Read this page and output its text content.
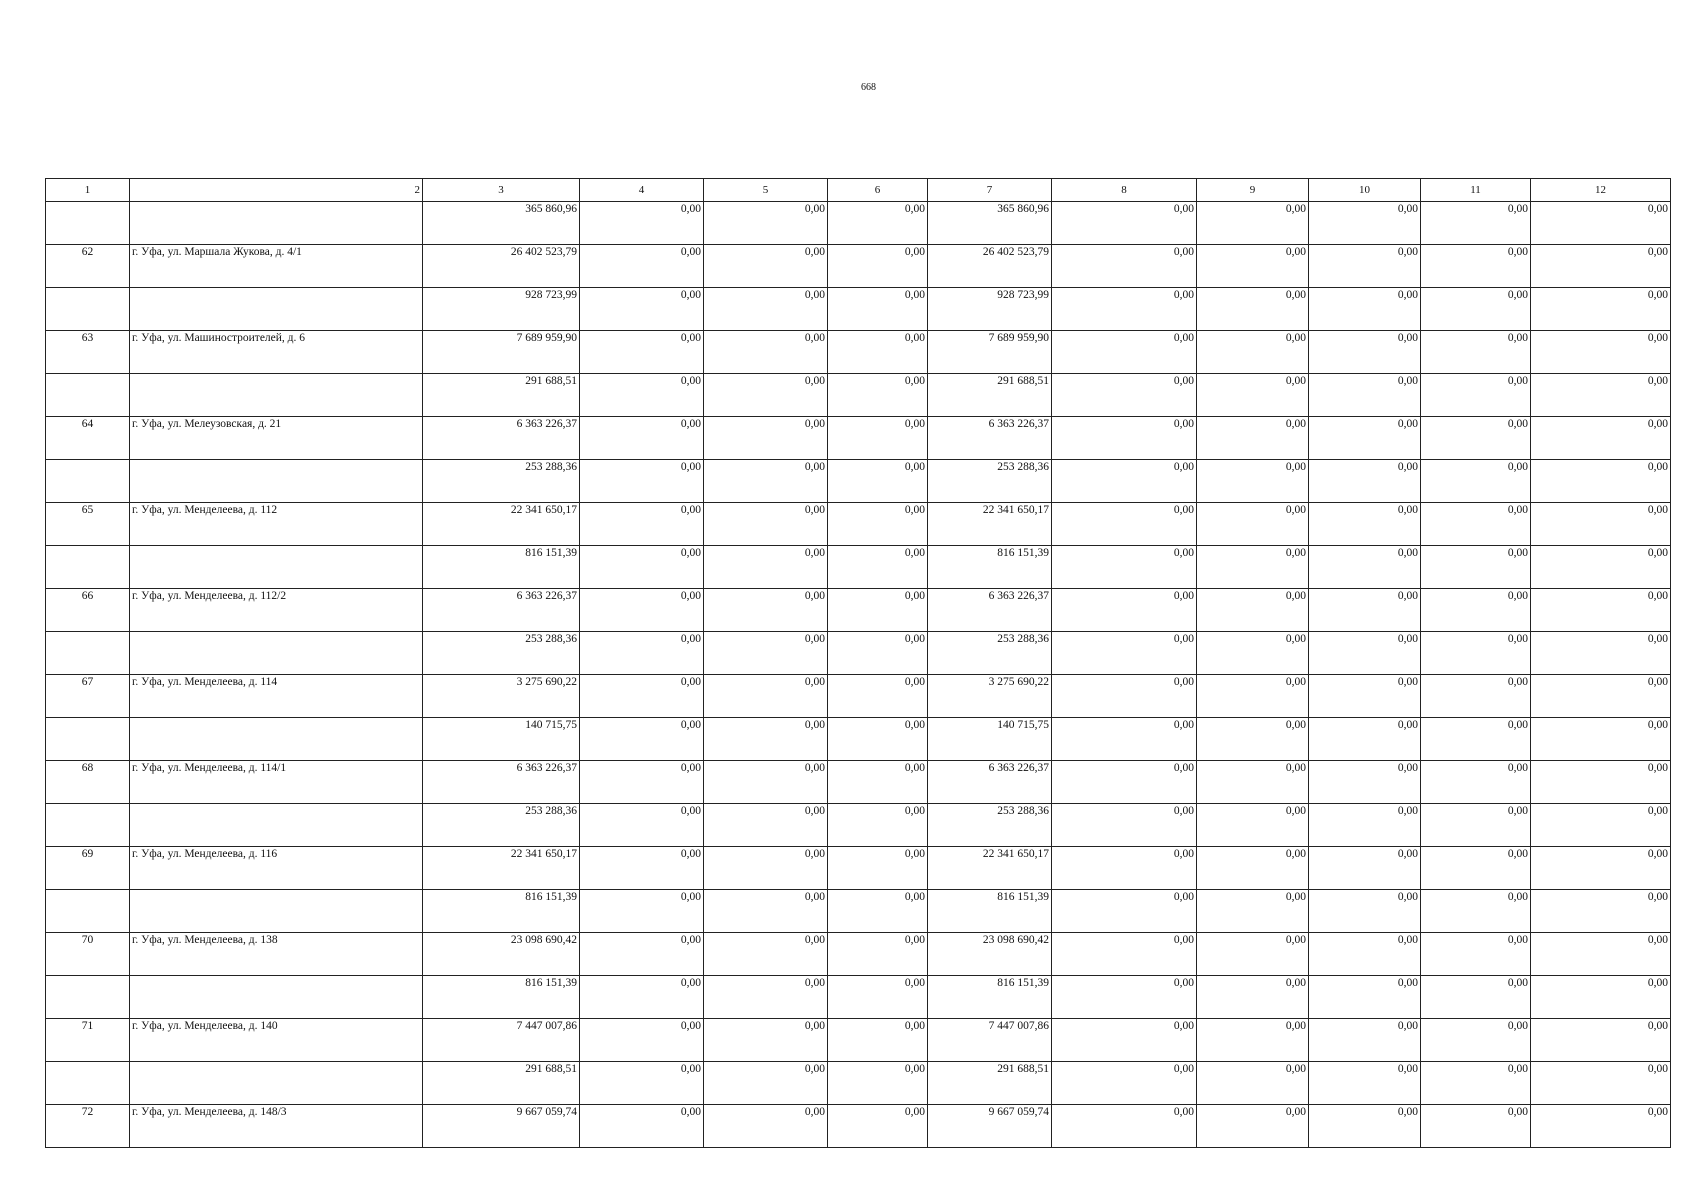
668
1	2	3	4	5	6	7	8	9	10	11	12
		365 860,96	0,00	0,00	0,00	365 860,96	0,00	0,00	0,00	0,00	0,00
62	г. Уфа, ул. Маршала Жукова, д. 4/1	26 402 523,79	0,00	0,00	0,00	26 402 523,79	0,00	0,00	0,00	0,00	0,00
		928 723,99	0,00	0,00	0,00	928 723,99	0,00	0,00	0,00	0,00	0,00
63	г. Уфа, ул. Машиностроителей, д. 6	7 689 959,90	0,00	0,00	0,00	7 689 959,90	0,00	0,00	0,00	0,00	0,00
		291 688,51	0,00	0,00	0,00	291 688,51	0,00	0,00	0,00	0,00	0,00
64	г. Уфа, ул. Мелеузовская, д. 21	6 363 226,37	0,00	0,00	0,00	6 363 226,37	0,00	0,00	0,00	0,00	0,00
		253 288,36	0,00	0,00	0,00	253 288,36	0,00	0,00	0,00	0,00	0,00
65	г. Уфа, ул. Менделеева, д. 112	22 341 650,17	0,00	0,00	0,00	22 341 650,17	0,00	0,00	0,00	0,00	0,00
		816 151,39	0,00	0,00	0,00	816 151,39	0,00	0,00	0,00	0,00	0,00
66	г. Уфа, ул. Менделеева, д. 112/2	6 363 226,37	0,00	0,00	0,00	6 363 226,37	0,00	0,00	0,00	0,00	0,00
		253 288,36	0,00	0,00	0,00	253 288,36	0,00	0,00	0,00	0,00	0,00
67	г. Уфа, ул. Менделеева, д. 114	3 275 690,22	0,00	0,00	0,00	3 275 690,22	0,00	0,00	0,00	0,00	0,00
		140 715,75	0,00	0,00	0,00	140 715,75	0,00	0,00	0,00	0,00	0,00
68	г. Уфа, ул. Менделеева, д. 114/1	6 363 226,37	0,00	0,00	0,00	6 363 226,37	0,00	0,00	0,00	0,00	0,00
		253 288,36	0,00	0,00	0,00	253 288,36	0,00	0,00	0,00	0,00	0,00
69	г. Уфа, ул. Менделеева, д. 116	22 341 650,17	0,00	0,00	0,00	22 341 650,17	0,00	0,00	0,00	0,00	0,00
		816 151,39	0,00	0,00	0,00	816 151,39	0,00	0,00	0,00	0,00	0,00
70	г. Уфа, ул. Менделеева, д. 138	23 098 690,42	0,00	0,00	0,00	23 098 690,42	0,00	0,00	0,00	0,00	0,00
		816 151,39	0,00	0,00	0,00	816 151,39	0,00	0,00	0,00	0,00	0,00
71	г. Уфа, ул. Менделеева, д. 140	7 447 007,86	0,00	0,00	0,00	7 447 007,86	0,00	0,00	0,00	0,00	0,00
		291 688,51	0,00	0,00	0,00	291 688,51	0,00	0,00	0,00	0,00	0,00
72	г. Уфа, ул. Менделеева, д. 148/3	9 667 059,74	0,00	0,00	0,00	9 667 059,74	0,00	0,00	0,00	0,00	0,00
